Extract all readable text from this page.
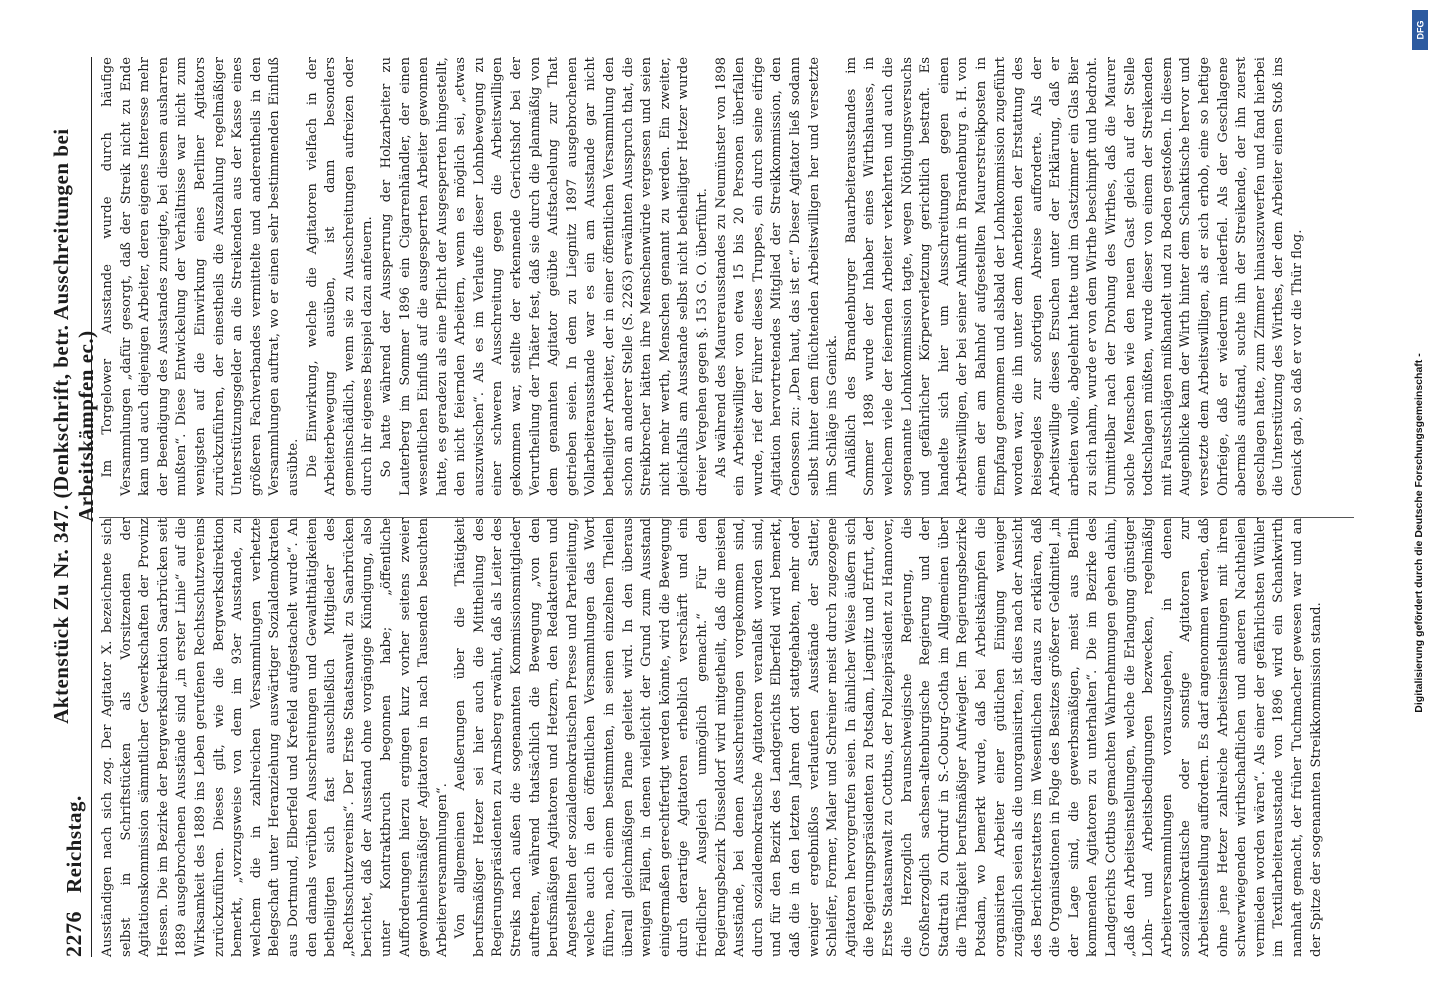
2276
Reichstag.
Aktenstück Zu Nr. 347. (Denkschrift, betr. Ausschreitungen bei Arbeitskämpfen ec.)

Ausständigen nach sich zog. Der Agitator X. bezeichnete sich selbst in Schriftstücken als Vorsitzenden der Agitationskommission sämmtlicher Gewerkschaften der Provinz Hessen. Die im Bezirke der Bergwerksdirektion Saarbrücken seit 1889 ausgebrochenen Ausstände sind „in erster Linie“ auf die Wirksamkeit des 1889 ins Leben gerufenen Rechtsschutzvereins zurückzuführen. Dieses gilt, wie die Bergwerksdirektion bemerkt, „vorzugsweise von dem im 93er Ausstande, zu welchem die in zahlreichen Versammlungen verhetzte Belegschaft unter Heranziehung auswärtiger Sozialdemokraten aus Dortmund, Elberfeld und Krefeld aufgestachelt wurde“. An den damals verübten Ausschreitungen und Gewaltthätigkeiten betheiligten sich fast ausschließlich Mitglieder des „Rechtsschutzvereins“. Der Erste Staatsanwalt zu Saarbrücken berichtet, daß der Ausstand ohne vorgängige Kündigung, also unter Kontraktbruch begonnen habe; „öffentliche Aufforderungen hierzu ergingen kurz vorher seitens zweier gewohnheitsmäßiger Agitatoren in nach Tausenden besuchten Arbeiterversammlungen“. Von allgemeinen Aeußerungen über die Thätigkeit berufsmäßiger Hetzer sei hier auch die Mittheilung des Regierungspräsidenten zu Arnsberg erwähnt, daß als Leiter des Streiks nach außen die sogenannten Kommissionsmitglieder auftreten, während thatsächlich die Bewegung „von den berufsmäßigen Agitatoren und Hetzern, den Redakteuren und Angestellten der sozialdemokratischen Presse und Parteileitung, welche auch in den öffentlichen Versammlungen das Wort führen, nach einem bestimmten, in seinen einzelnen Theilen überall gleichmäßigen Plane geleitet wird. In den überaus wenigen Fällen, in denen vielleicht der Grund zum Ausstand einigermaßen gerechtfertigt werden könnte, wird die Bewegung durch derartige Agitatoren erheblich verschärft und ein friedlicher Ausgleich unmöglich gemacht.“ Für den Regierungsbezirk Düsseldorf wird mitgetheilt, daß die meisten Ausstände, bei denen Ausschreitungen vorgekommen sind, durch sozialdemokratische Agitatoren veranlaßt worden sind, und für den Bezirk des Landgerichts Elberfeld wird bemerkt, daß die in den letzten Jahren dort stattgehabten, mehr oder weniger ergebnißlos verlaufenen Ausstände der Sattler, Schleifer, Former, Maler und Schreiner meist durch zugezogene Agitatoren hervorgerufen seien. In ähnlicher Weise äußern sich die Regierungspräsidenten zu Potsdam, Liegnitz und Erfurt, der Erste Staatsanwalt zu Cottbus, der Polizeipräsident zu Hannover, die Herzoglich braunschweigische Regierung, die Großherzoglich sachsen-altenburgische Regierung und der Stadtrath zu Ohrdruf in S.-Coburg-Gotha im Allgemeinen über die Thätigkeit berufsmäßiger Aufwiegler. Im Regierungsbezirke Potsdam, wo bemerkt wurde, daß bei Arbeitskämpfen die organisirten Arbeiter einer gütlichen Einigung weniger zugänglich seien als die unorganisirten, ist dies nach der Ansicht des Berichterstatters im Wesentlichen daraus zu erklären, daß die Organisationen in Folge des Besitzes größerer Geldmittel „in der Lage sind, die gewerbsmäßigen, meist aus Berlin kommenden Agitatoren zu unterhalten“. Die im Bezirke des Landgerichts Cottbus gemachten Wahrnehmungen gehen dahin, „daß den Arbeitseinstellungen, welche die Erlangung günstiger Lohn- und Arbeitsbedingungen bezwecken, regelmäßig Arbeiterversammlungen vorauszugehen, in denen sozialdemokratische oder sonstige Agitatoren zur Arbeitseinstellung auffordern. Es darf angenommen werden, daß ohne jene Hetzer zahlreiche Arbeitseinstellungen mit ihren schwerwiegenden wirthschaftlichen und anderen Nachtheilen vermieden worden wären“. Als einer der gefährlichsten Wühler im Textilarbeiterausstande von 1896 wird ein Schankwirth namhaft gemacht, der früher Tuchmacher gewesen war und an der Spitze der sogenannten Streikkommission stand.

Im Torgelower Ausstande wurde durch häufige Versammlungen „dafür gesorgt, daß der Streik nicht zu Ende kam und auch diejenigen Arbeiter, deren eigenes Interesse mehr der Beendigung des Ausstandes zuneigte, bei diesem ausharren mußten“. Diese Entwickelung der Verhältnisse war nicht zum wenigsten auf die Einwirkung eines Berliner Agitators zurückzuführen, der einestheils die Auszahlung regelmäßiger Unterstützungsgelder an die Streikenden aus der Kasse eines größeren Fachverbandes vermittelte und anderentheils in den Versammlungen auftrat, wo er einen sehr bestimmenden Einfluß ausübte. Die Einwirkung, welche die Agitatoren vielfach in der Arbeiterbewegung ausüben, ist dann besonders gemeinschädlich, wenn sie zu Ausschreitungen aufreizen oder durch ihr eigenes Beispiel dazu anfeuern. So hatte während der Aussperrung der Holzarbeiter zu Lauterberg im Sommer 1896 ein Cigarrenhändler, der einen wesentlichen Einfluß auf die ausgesperrten Arbeiter gewonnen hatte, es geradezu als eine Pflicht der Ausgesperrten hingestellt, den nicht feiernden Arbeitern, wenn es möglich sei, „etwas auszuwischen“. Als es im Verlaufe dieser Lohnbewegung zu einer schweren Ausschreitung gegen die Arbeitswilligen gekommen war, stellte der erkennende Gerichtshof bei der Verurtheilung der Thäter fest, daß sie durch die planmäßig von dem genannten Agitator geübte Aufstachelung zur That getrieben seien. In dem zu Liegnitz 1897 ausgebrochenen Vollarbeiterausstande war es ein am Ausstande gar nicht betheiligter Arbeiter, der in einer öffentlichen Versammlung den schon an anderer Stelle (S. 2263) erwähnten Ausspruch that, die Streikbrecher hätten ihre Menschenwürde vergessen und seien nicht mehr werth, Menschen genannt zu werden. Ein zweiter, gleichfalls am Ausstande selbst nicht betheiligter Hetzer wurde dreier Vergehen gegen §. 153 G. O. überführt. Als während des Maurerausstandes zu Neumünster von 1898 ein Arbeitswilliger von etwa 15 bis 20 Personen überfallen wurde, rief der Führer dieses Truppes, ein durch seine eifrige Agitation hervortretendes Mitglied der Streikkommission, den Genossen zu: „Den haut, das ist er.“ Dieser Agitator ließ sodann selbst hinter dem flüchtenden Arbeitswilligen her und versetzte ihm Schläge ins Genick. Anläßlich des Brandenburger Bauarbeiterausstandes im Sommer 1898 wurde der Inhaber eines Wirthshauses, in welchem viele der feiernden Arbeiter verkehrten und auch die sogenannte Lohnkommission tagte, wegen Nöthigungsversuchs und gefährlicher Körperverletzung gerichtlich bestraft. Es handelte sich hier um Ausschreitungen gegen einen Arbeitswilligen, der bei seiner Ankunft in Brandenburg a. H. von einem der am Bahnhof aufgestellten Maurerstreikposten in Empfang genommen und alsbald der Lohnkommission zugeführt worden war, die ihn unter dem Anerbieten der Erstattung des Reisegeldes zur sofortigen Abreise aufforderte. Als der Arbeitswillige dieses Ersuchen unter der Erklärung, daß er arbeiten wolle, abgelehnt hatte und im Gastzimmer ein Glas Bier zu sich nahm, wurde er von dem Wirthe beschimpft und bedroht. Unmittelbar nach der Drohung des Wirthes, daß die Maurer solche Menschen wie den neuen Gast gleich auf der Stelle todtschlagen müßten, wurde dieser von einem der Streikenden mit Faustschlägen mißhandelt und zu Boden gestoßen. In diesem Augenblicke kam der Wirth hinter dem Schanktische hervor und versetzte dem Arbeitswilligen, als er sich erhob, eine so heftige Ohrfeige, daß er wiederum niederfiel. Als der Geschlagene abermals aufstand, suchte ihn der Streikende, der ihn zuerst geschlagen hatte, zum Zimmer hinauszuwerfen und fand hierbei die Unterstützung des Wirthes, der dem Arbeiter einen Stoß ins Genick gab, so daß er vor die Thür flog.

DFG
Digitalisierung gefördert durch die Deutsche Forschungsgemeinschaft -
